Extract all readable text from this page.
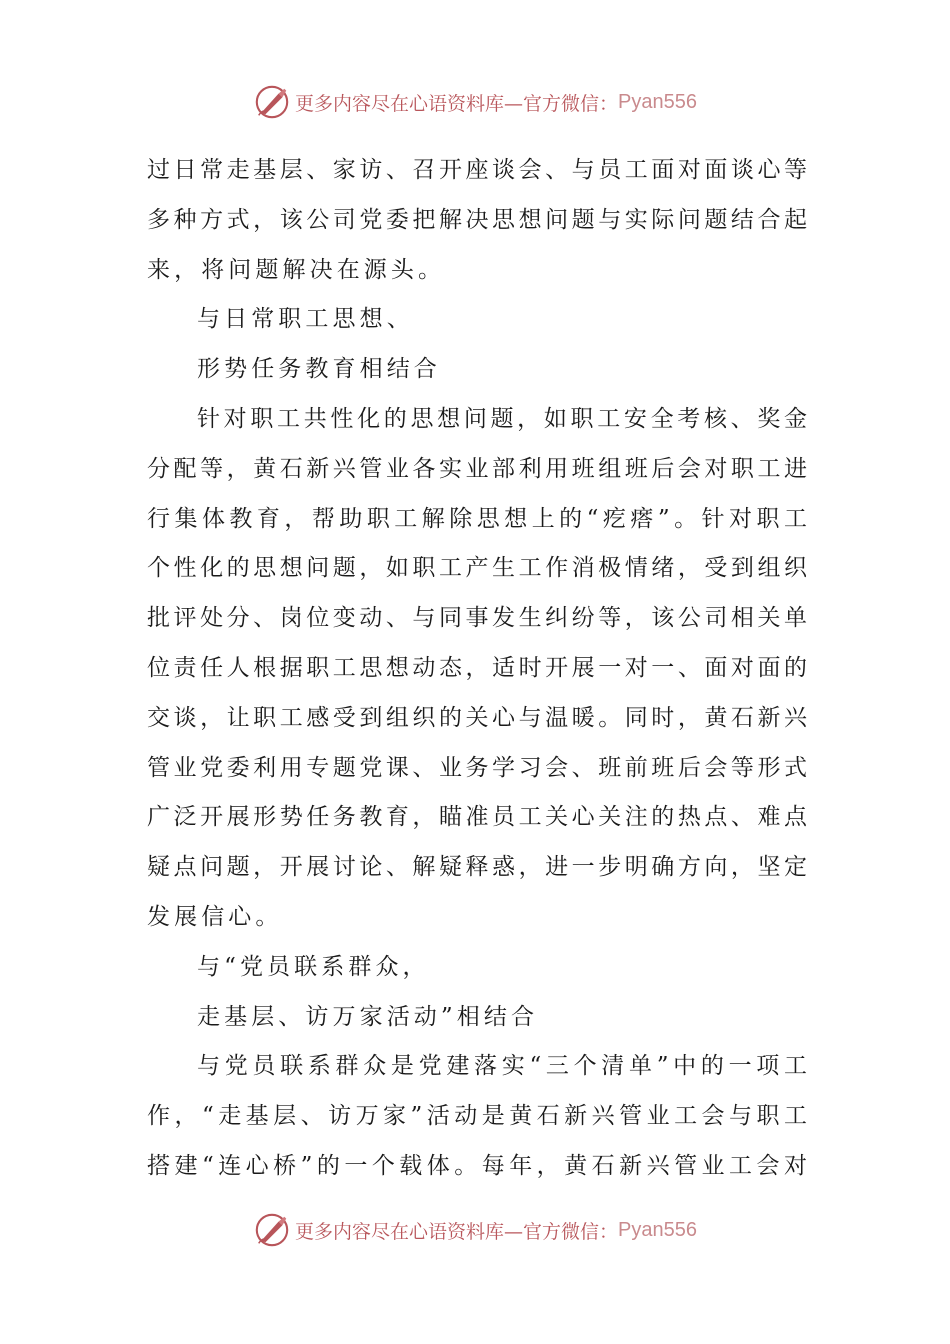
更多内容尽在心语资料库—官方微信： Pyan556
过日常走基层、家访、召开座谈会、与员工面对面谈心等
多种方式，该公司党委把解决思想问题与实际问题结合起
来，将问题解决在源头。
与日常职工思想、
形势任务教育相结合
针对职工共性化的思想问题，如职工安全考核、奖金
分配等，黄石新兴管业各实业部利用班组班后会对职工进
行集体教育，帮助职工解除思想上的“疙瘩”。针对职工
个性化的思想问题，如职工产生工作消极情绪，受到组织
批评处分、岗位变动、与同事发生纠纷等，该公司相关单
位责任人根据职工思想动态，适时开展一对一、面对面的
交谈，让职工感受到组织的关心与温暖。同时，黄石新兴
管业党委利用专题党课、业务学习会、班前班后会等形式
广泛开展形势任务教育，瞄准员工关心关注的热点、难点
疑点问题，开展讨论、解疑释惑，进一步明确方向，坚定
发展信心。
与“党员联系群众，
走基层、访万家活动”相结合
与党员联系群众是党建落实“三个清单”中的一项工
作，“走基层、访万家”活动是黄石新兴管业工会与职工
搭建“连心桥”的一个载体。每年，黄石新兴管业工会对
更多内容尽在心语资料库—官方微信： Pyan556
